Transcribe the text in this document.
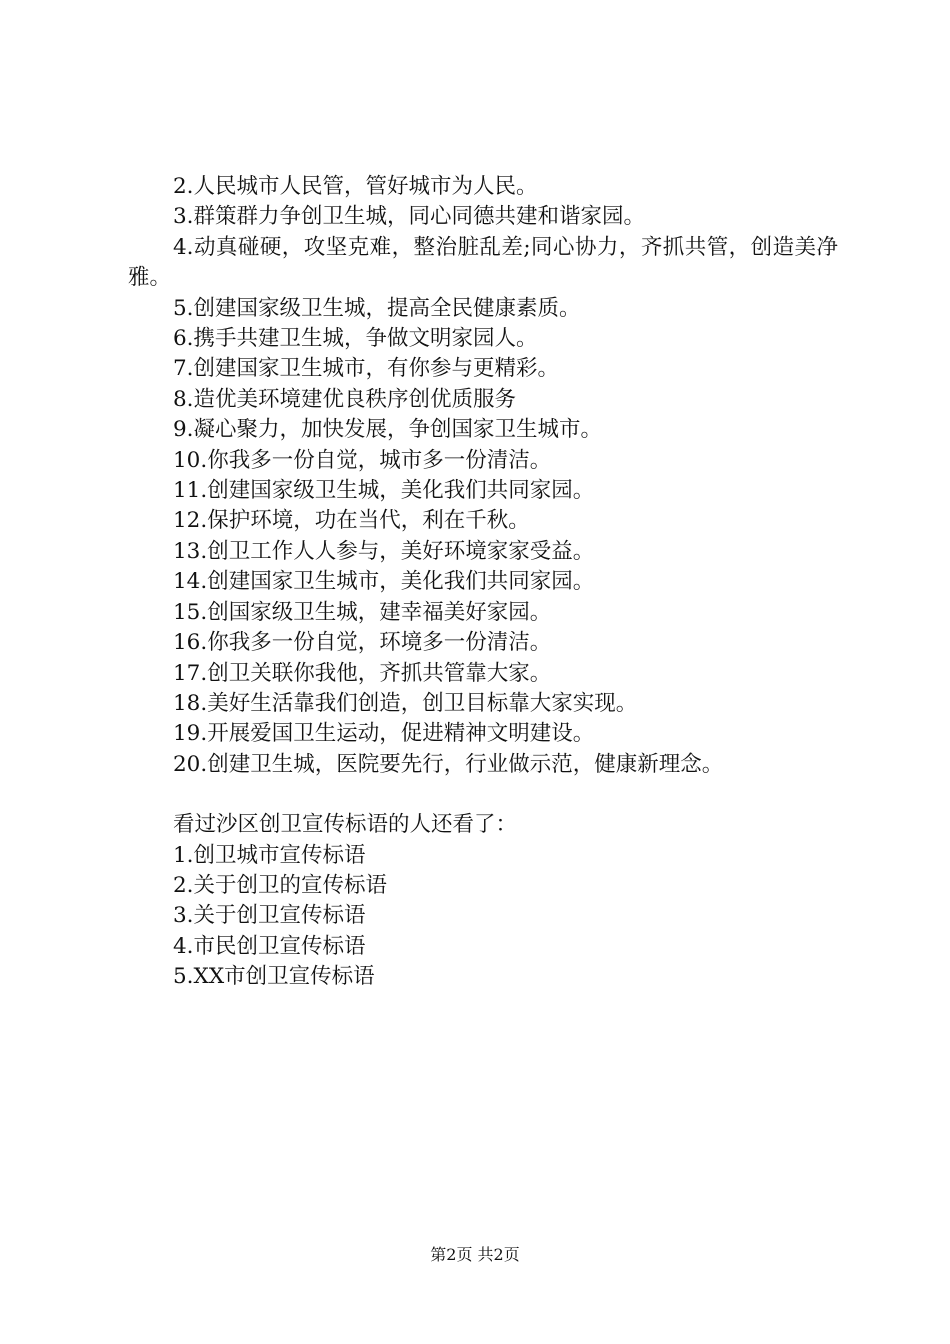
2.人民城市人民管，管好城市为人民。

3.群策群力争创卫生城，同心同德共建和谐家园。

4.动真碰硬，攻坚克难，整治脏乱差;同心协力，齐抓共管，创造美净雅。

5.创建国家级卫生城，提高全民健康素质。

6.携手共建卫生城，争做文明家园人。

7.创建国家卫生城市，有你参与更精彩。

8.造优美环境建优良秩序创优质服务

9.凝心聚力，加快发展，争创国家卫生城市。

10.你我多一份自觉，城市多一份清洁。

11.创建国家级卫生城，美化我们共同家园。

12.保护环境，功在当代，利在千秋。

13.创卫工作人人参与，美好环境家家受益。

14.创建国家卫生城市，美化我们共同家园。

15.创国家级卫生城，建幸福美好家园。

16.你我多一份自觉，环境多一份清洁。

17.创卫关联你我他，齐抓共管靠大家。

18.美好生活靠我们创造，创卫目标靠大家实现。

19.开展爱国卫生运动，促进精神文明建设。

20.创建卫生城，医院要先行，行业做示范，健康新理念。

看过沙区创卫宣传标语的人还看了：

1.创卫城市宣传标语

2.关于创卫的宣传标语

3.关于创卫宣传标语

4.市民创卫宣传标语

5.XX市创卫宣传标语

第2页 共2页
